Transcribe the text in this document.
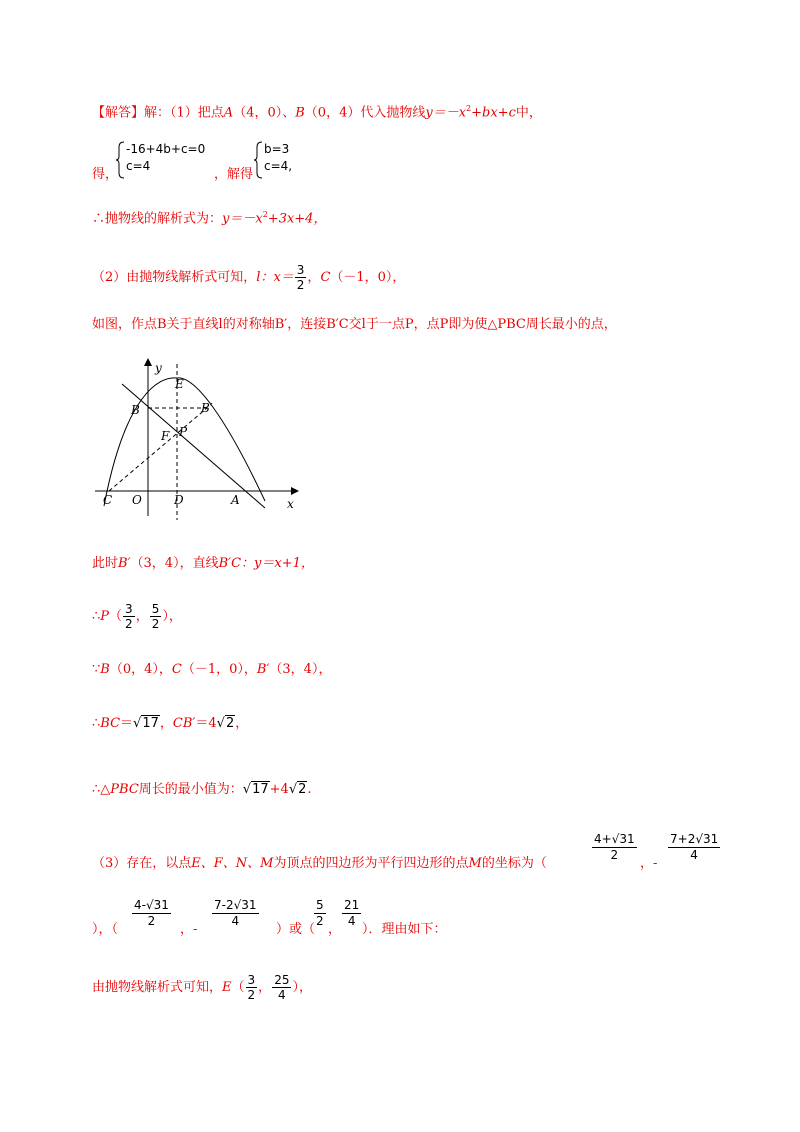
【解答】解：（1）把点A（4，0）、B（0，4）代入抛物线$y=-x^2+bx+c$中，
得，
-16+4b+c=0
c=4
，解得
b=3
c=4,
∴抛物线的解析式为：$y=-x^2+3x+4$，
（2）由抛物线解析式可知，l：$x= \frac{3}{2}$ ，C（－1，0），
如图，作点B关于直线l的对称轴B′，连接B′C交l于一点P，点P即为使△PBC周长最小的点，
y
E
B	B′
F P
C O	D	A	x
此时B′（3，4），直线B′C：y＝x+1，
∴P（ $\frac{3}{2}$ ， $\frac{5}{2}$ ），
∵B（0，4），C（－1，0），B′（3，4），
∴BC＝√17，CB′＝4√2，
∴△PBC周长的最小值为：√17+4√2.
（3）存在，以点E、F、N、M为顶点的四边形为平行四边形的点M的坐标为（
4+√31
2
，-
7+2√31
4
），（
4-√31
2
，-
7-2√31
4
）或（
5
2
，
21
4
）．理由如下：
由抛物线解析式可知，$E( \frac{3}{2}$ ， $\frac{25}{4}$ ），
